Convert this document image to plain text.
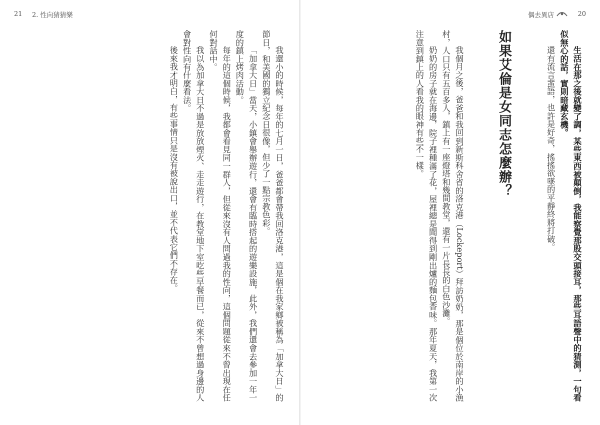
21 2. 性向猜猜樂

我還小的時候，每年的七月一日，爸爸都會帶我回洛克港，這是個在我家鄉被稱為「加拿大日」的節日，和美國的獨立紀念日很像，但少了一點宗教色彩。

「加拿大日」當天，小鎮會舉辦遊行，還會有臨時搭起的遊樂設施，此外，我們還會去參加一年一度的鎮上烤肉活動。

每年的這個時候，我都會看見同一群人，但從來沒有人問過我的性向，這個問題從來不曾出現在任何對話中。

我以為加拿大日不過是放放煙火、走走遊行，在教堂地下室吃些早餐而已，從來不曾想過身邊的人會對性向有什麼看法。

後來我才明白，有些事情只是沒有被說出口，並不代表它們不存在。

偶去異店	20

生活在那之後就變了調，某些東西被顛倒，我能察覺那股交頭接耳，那些耳語聲中的猜測，一句看似無心的話，實則暗藏玄機。

還有流言蜚語，也許是好奇，搖搖欲墜的平靜終將打破。

如果艾倫是女同志怎麼辦？

我個月之後，爸爸和我回到新斯科舍省的洛克港（Lockeport）拜訪奶奶，那是個位於南岸的小漁村，人口只有五百多人，鎮上有一座燈塔和幾間教堂，還有一片長長的白色沙灘。

奶奶的房子就在海邊，院子裡種滿了花，屋裡總是聞得到剛出爐的麵包香味。那年夏天，我第一次注意到鎮上的人看我的眼神有些不一樣。
